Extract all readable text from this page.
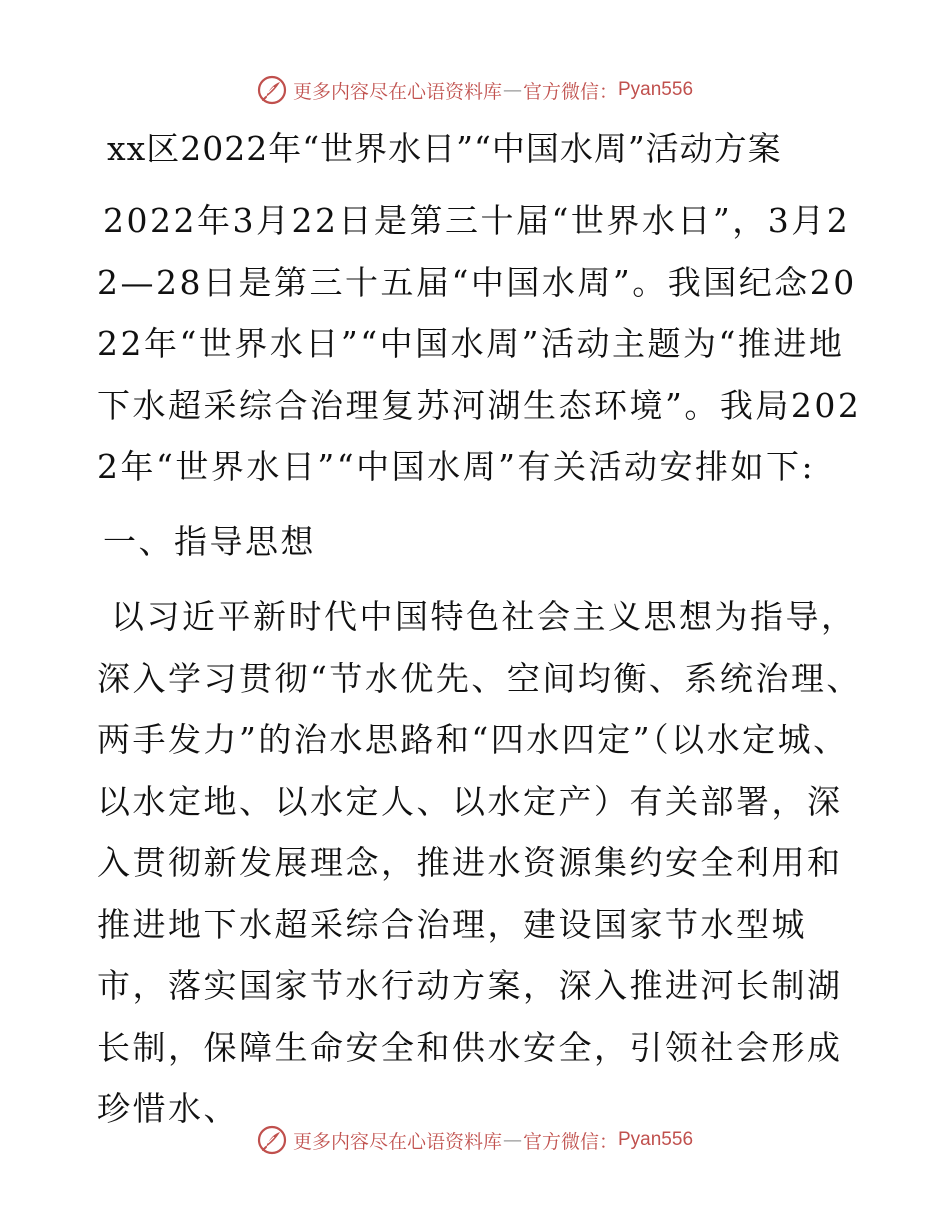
更多内容尽在心语资料库 — 官方微信： Pyan556
xx区2022年“世界水日”“中国水周”活动方案

2022年3月22日是第三十届“世界水日”，3月22—28日是第三十五届“中国水周”。我国纪念2022年“世界水日”“中国水周”活动主题为“推进地下水超采综合治理复苏河湖生态环境”。我局2022年“世界水日”“中国水周”有关活动安排如下:

一、指导思想

以习近平新时代中国特色社会主义思想为指导，深入学习贯彻“节水优先、空间均衡、系统治理、两手发力”的治水思路和“四水四定”（以水定城、以水定地、以水定人、以水定产）有关部署，深入贯彻新发展理念，推进水资源集约安全利用和推进地下水超采综合治理，建设国家节水型城市，落实国家节水行动方案，深入推进河长制湖长制，保障生命安全和供水安全，引领社会形成珍惜水、

更多内容尽在心语资料库 — 官方微信： Pyan556
